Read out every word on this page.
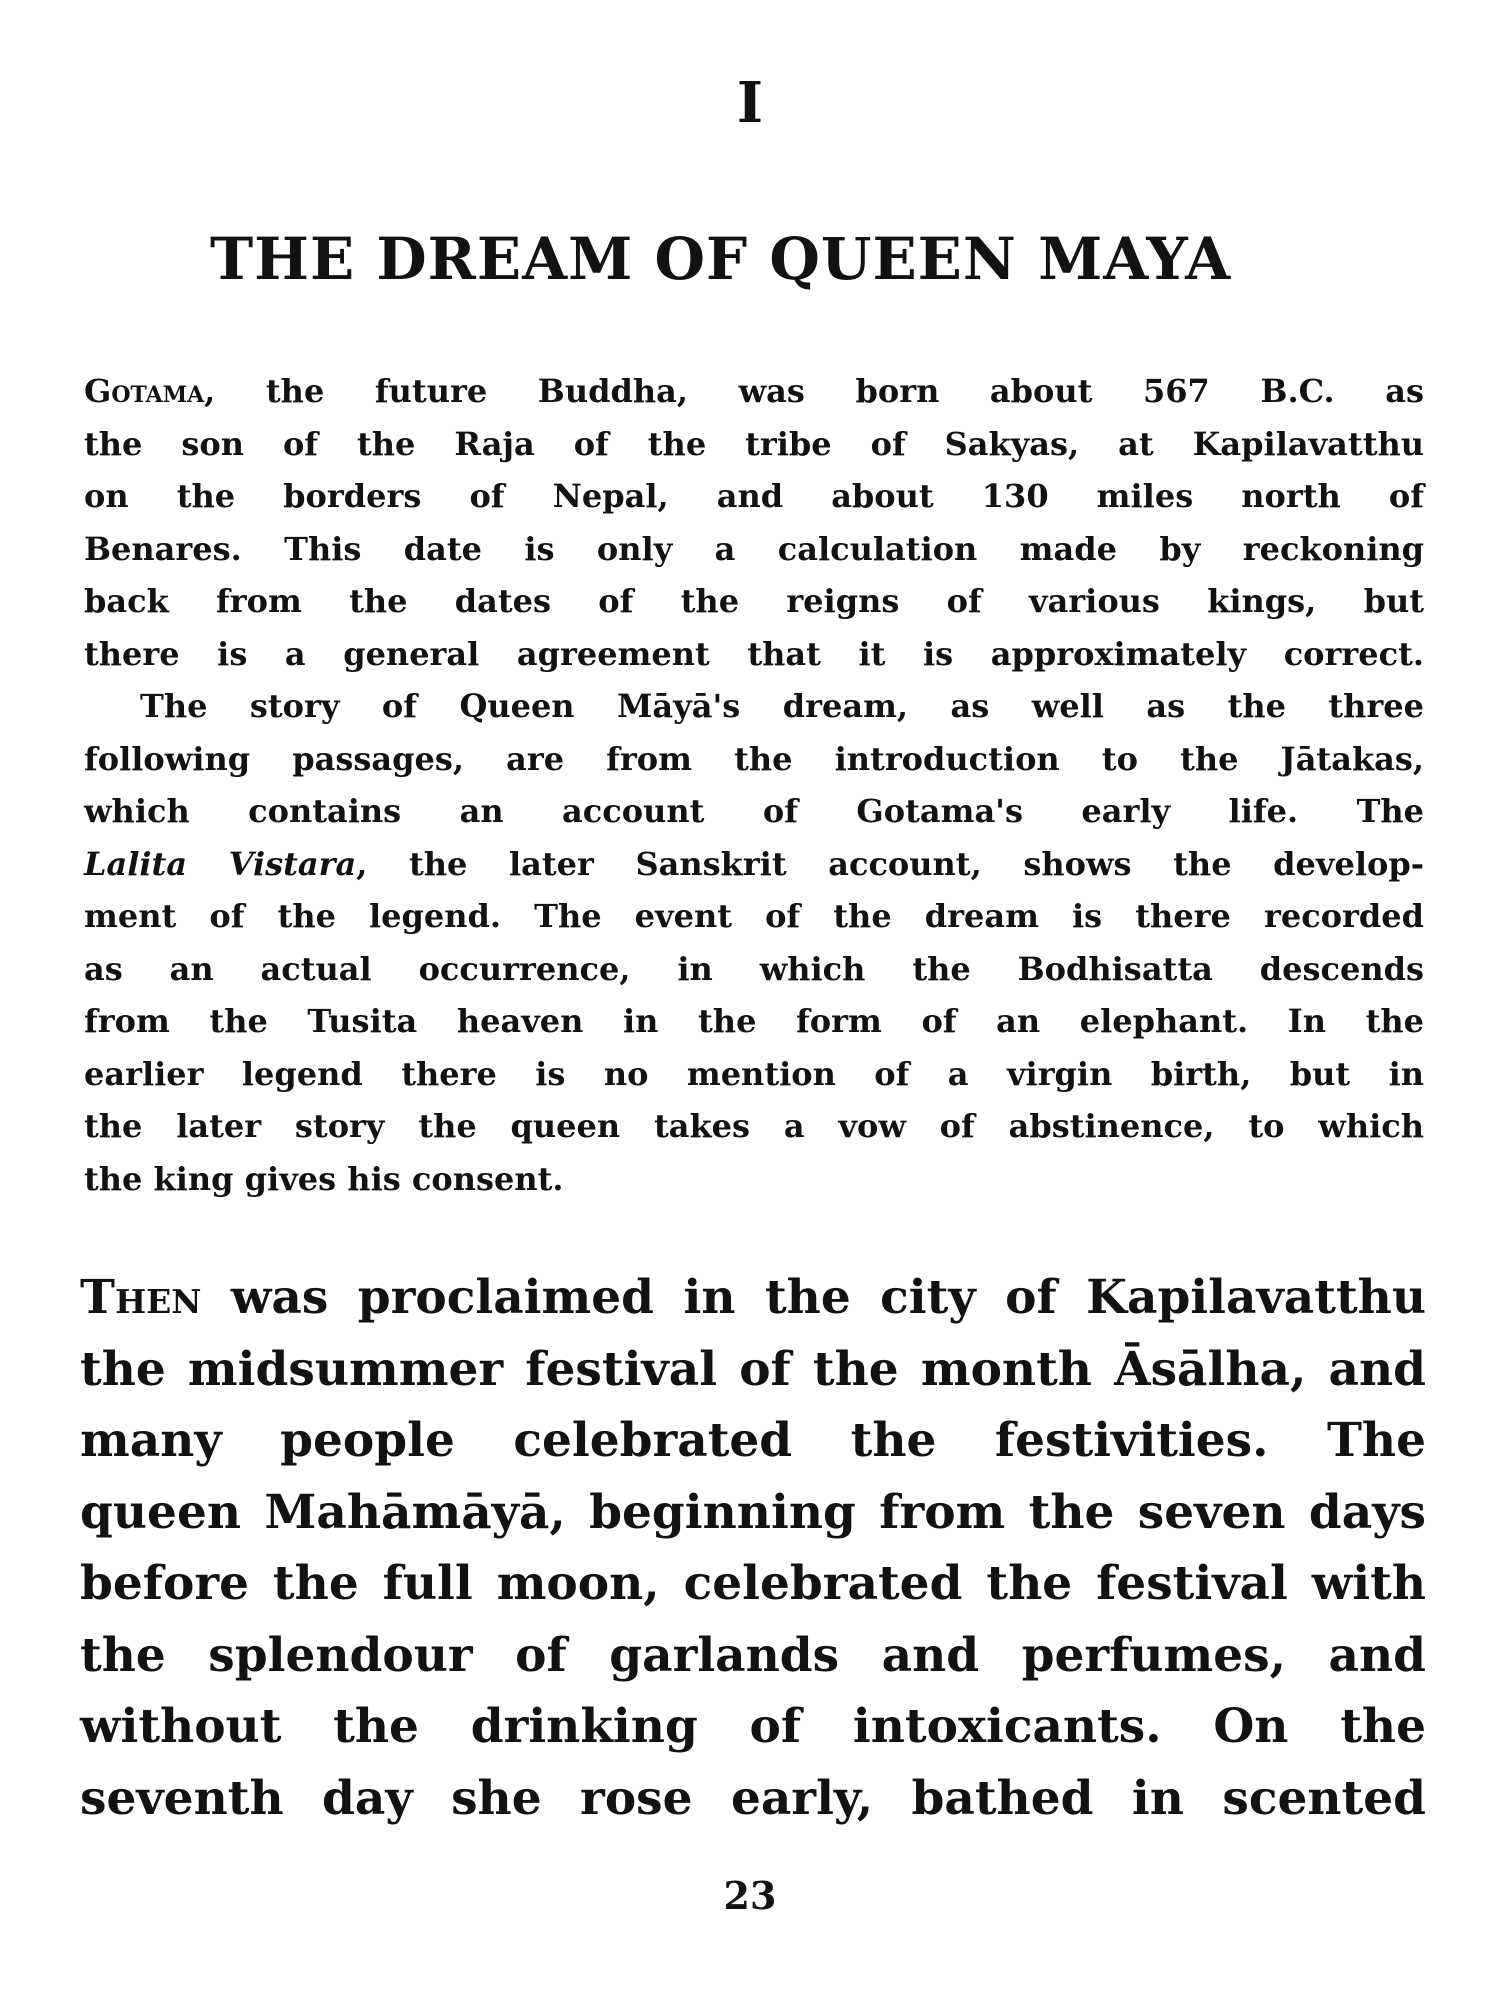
I
THE DREAM OF QUEEN MAYA
Gotama, the future Buddha, was born about 567 B.C. as
the son of the Raja of the tribe of Sakyas, at Kapilavatthu
on the borders of Nepal, and about 130 miles north of
Benares. This date is only a calculation made by reckoning
back from the dates of the reigns of various kings, but
there is a general agreement that it is approximately correct.
The story of Queen Māyā's dream, as well as the three
following passages, are from the introduction to the Jātakas,
which contains an account of Gotama's early life. The
Lalita Vistara, the later Sanskrit account, shows the develop-
ment of the legend. The event of the dream is there recorded
as an actual occurrence, in which the Bodhisatta descends
from the Tusita heaven in the form of an elephant. In the
earlier legend there is no mention of a virgin birth, but in
the later story the queen takes a vow of abstinence, to which
the king gives his consent.
Then was proclaimed in the city of Kapilavatthu
the midsummer festival of the month Āsālha, and
many people celebrated the festivities. The
queen Mahāmāyā, beginning from the seven days
before the full moon, celebrated the festival with
the splendour of garlands and perfumes, and
without the drinking of intoxicants. On the
seventh day she rose early, bathed in scented
23
